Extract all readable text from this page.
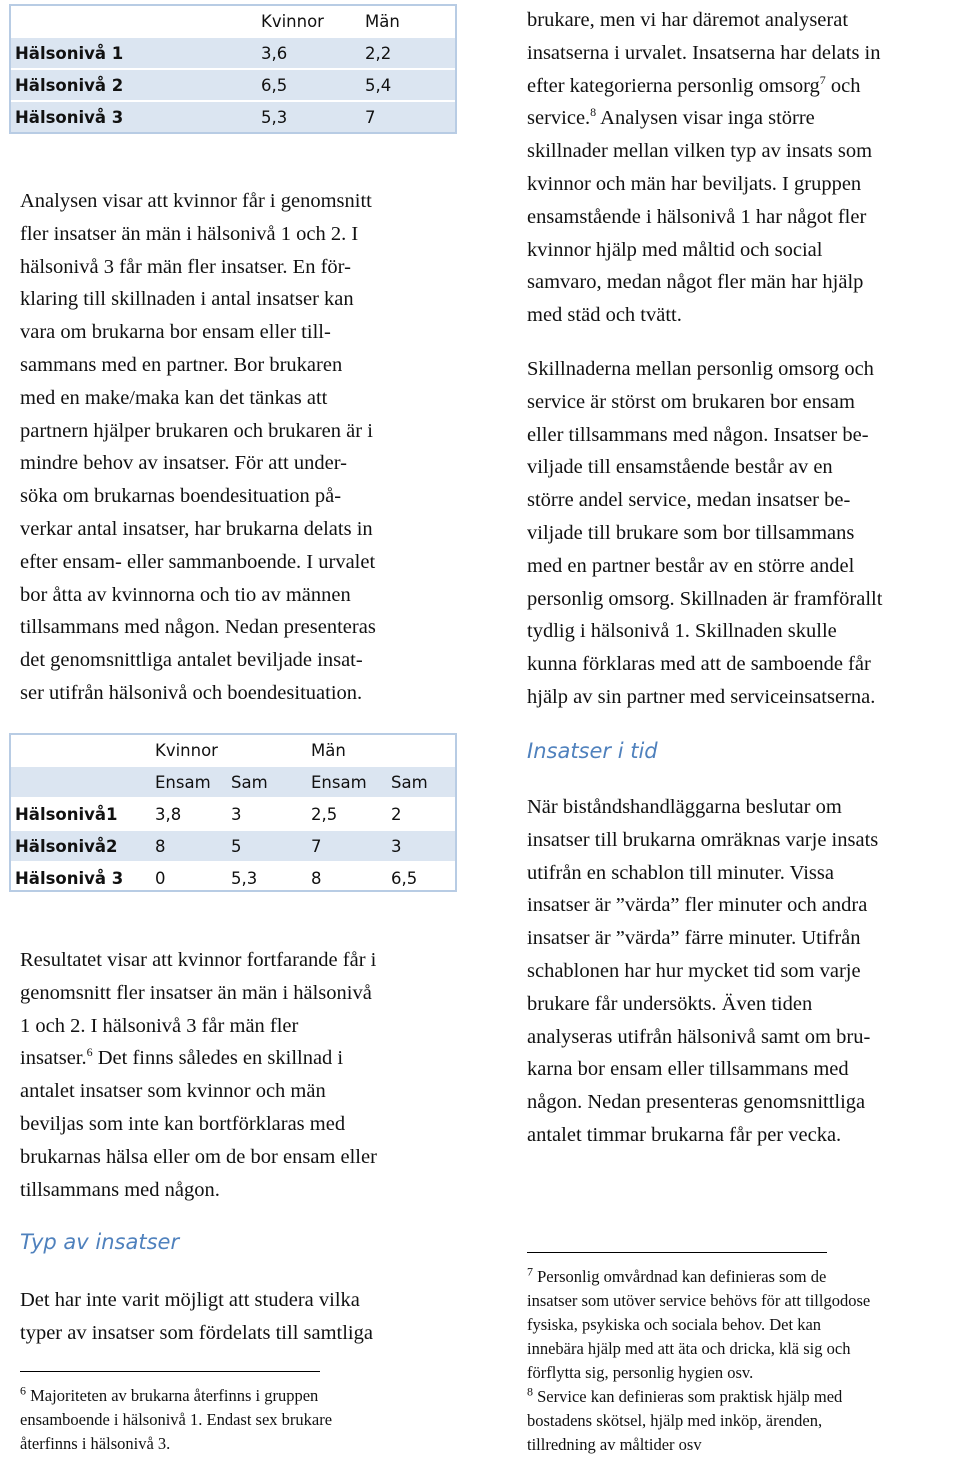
	Kvinnor	Män
Hälsonivå 1	3,6	2,2
Hälsonivå 2	6,5	5,4
Hälsonivå 3	5,3	7

Analysen visar att kvinnor får i genomsnitt
fler insatser än män i hälsonivå 1 och 2. I
hälsonivå 3 får män fler insatser. En för-
klaring till skillnaden i antal insatser kan
vara om brukarna bor ensam eller till-
sammans med en partner. Bor brukaren
med en make/maka kan det tänkas att
partnern hjälper brukaren och brukaren är i
mindre behov av insatser. För att under-
söka om brukarnas boendesituation på-
verkar antal insatser, har brukarna delats in
efter ensam- eller sammanboende. I urvalet
bor åtta av kvinnorna och tio av männen
tillsammans med någon. Nedan presenteras
det genomsnittliga antalet beviljade insat-
ser utifrån hälsonivå och boendesituation.

	Kvinnor		Män	
	Ensam	Sam	Ensam	Sam
Hälsonivå1	3,8	3	2,5	2
Hälsonivå2	8	5	7	3
Hälsonivå 3	0	5,3	8	6,5

Resultatet visar att kvinnor fortfarande får i
genomsnitt fler insatser än män i hälsonivå
1 och 2. I hälsonivå 3 får män fler
insatser.$^6$ Det finns således en skillnad i
antalet insatser som kvinnor och män
beviljas som inte kan bortförklaras med
brukarnas hälsa eller om de bor ensam eller
tillsammans med någon.

Typ av insatser

Det har inte varit möjligt att studera vilka
typer av insatser som fördelats till samtliga

$^6$ Majoriteten av brukarna återfinns i gruppen
ensamboende i hälsonivå 1. Endast sex brukare
återfinns i hälsonivå 3.

brukare, men vi har däremot analyserat
insatserna i urvalet. Insatserna har delats in
efter kategorierna personlig omsorg$^7$ och
service.$^8$ Analysen visar inga större
skillnader mellan vilken typ av insats som
kvinnor och män har beviljats. I gruppen
ensamstående i hälsonivå 1 har något fler
kvinnor hjälp med måltid och social
samvaro, medan något fler män har hjälp
med städ och tvätt.

Skillnaderna mellan personlig omsorg och
service är störst om brukaren bor ensam
eller tillsammans med någon. Insatser be-
viljade till ensamstående består av en
större andel service, medan insatser be-
viljade till brukare som bor tillsammans
med en partner består av en större andel
personlig omsorg. Skillnaden är framförallt
tydlig i hälsonivå 1. Skillnaden skulle
kunna förklaras med att de samboende får
hjälp av sin partner med serviceinsatserna.

Insatser i tid

När biståndshandläggarna beslutar om
insatser till brukarna omräknas varje insats
utifrån en schablon till minuter. Vissa
insatser är ”värda” fler minuter och andra
insatser är ”värda” färre minuter. Utifrån
schablonen har hur mycket tid som varje
brukare får undersökts. Även tiden
analyseras utifrån hälsonivå samt om bru-
karna bor ensam eller tillsammans med
någon. Nedan presenteras genomsnittliga
antalet timmar brukarna får per vecka.

$^7$ Personlig omvårdnad kan definieras som de
insatser som utöver service behövs för att tillgodose
fysiska, psykiska och sociala behov. Det kan
innebära hjälp med att äta och dricka, klä sig och
förflytta sig, personlig hygien osv.

$^8$ Service kan definieras som praktisk hjälp med
bostadens skötsel, hjälp med inköp, ärenden,
tillredning av måltider osv
